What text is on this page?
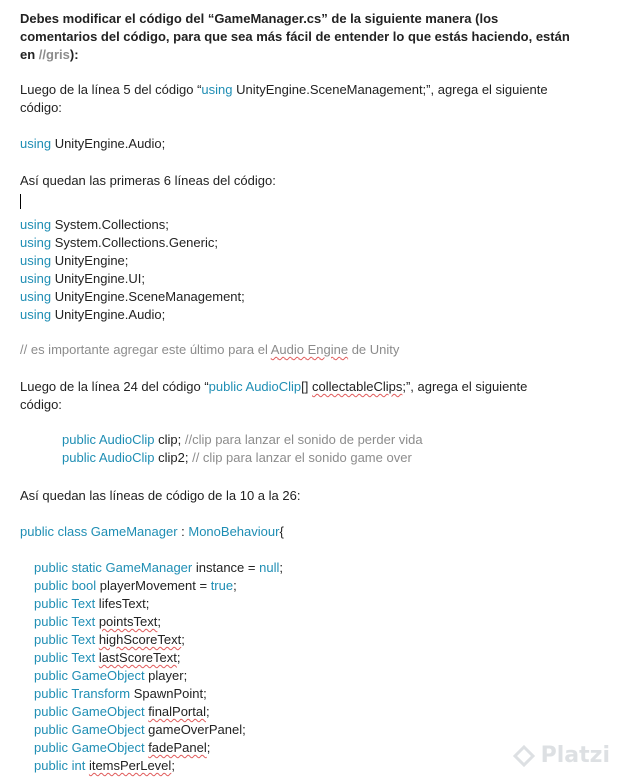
Debes modificar el código del “GameManager.cs” de la siguiente manera (los
comentarios del código, para que sea más fácil de entender lo que estás haciendo, están
en //gris):
Luego de la línea 5 del código “using UnityEngine.SceneManagement;”, agrega el siguiente
código:
using UnityEngine.Audio;
Así quedan las primeras 6 líneas del código:
using System.Collections;
using System.Collections.Generic;
using UnityEngine;
using UnityEngine.UI;
using UnityEngine.SceneManagement;
using UnityEngine.Audio;
// es importante agregar este último para el Audio Engine de Unity
Luego de la línea 24 del código “public AudioClip[] collectableClips;”, agrega el siguiente
código:
public AudioClip clip; //clip para lanzar el sonido de perder vida
public AudioClip clip2; // clip para lanzar el sonido game over
Así quedan las líneas de código de la 10 a la 26:
public class GameManager : MonoBehaviour{
public static GameManager instance = null;
public bool playerMovement = true;
public Text lifesText;
public Text pointsText;
public Text highScoreText;
public Text lastScoreText;
public GameObject player;
public Transform SpawnPoint;
public GameObject finalPortal;
public GameObject gameOverPanel;
public GameObject fadePanel;
public int itemsPerLevel;	Platzi
